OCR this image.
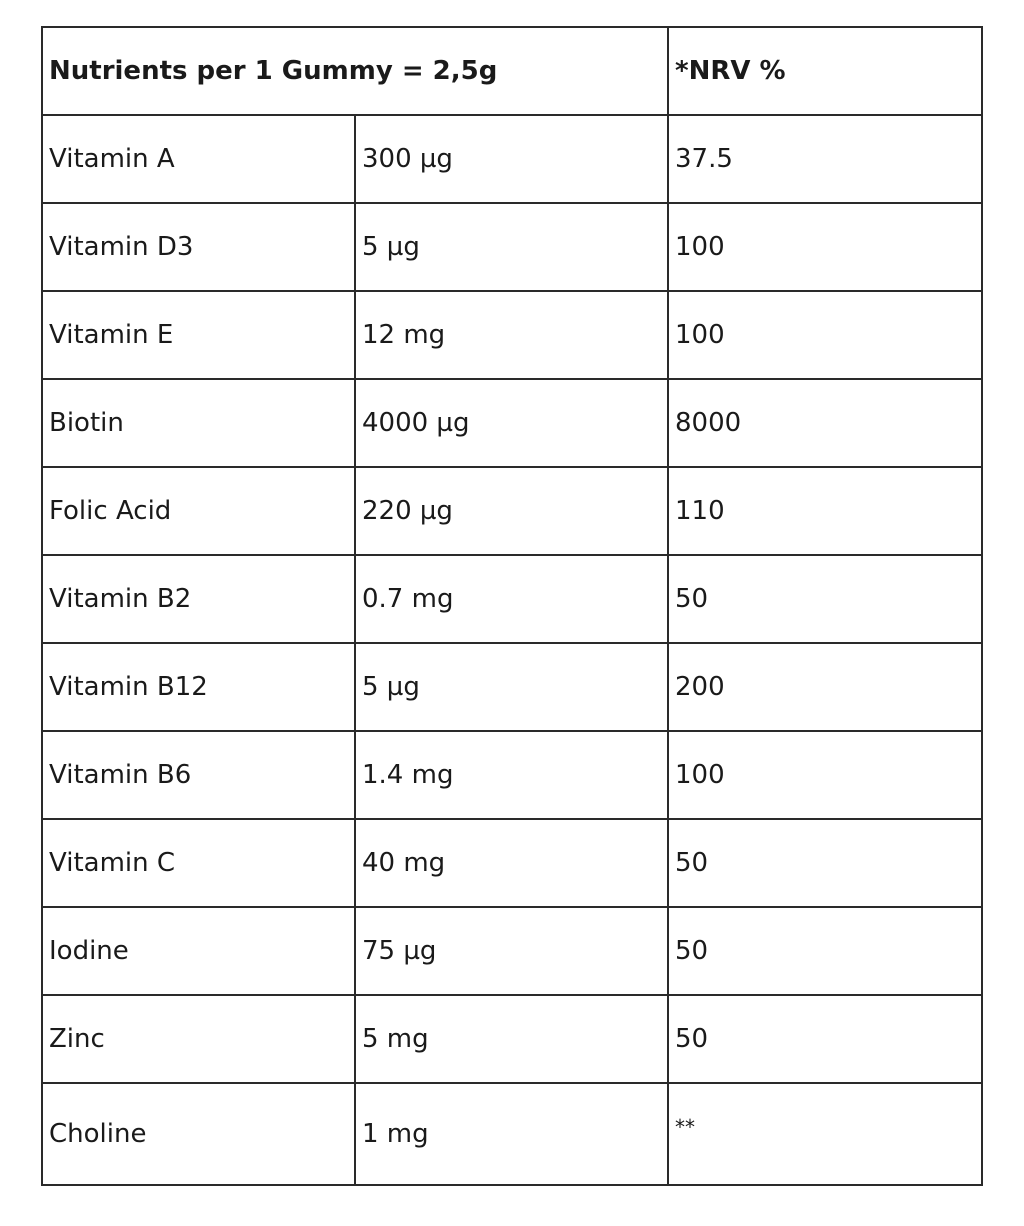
Nutrients per 1 Gummy = 2,5g		*NRV %
Vitamin A	300 µg	37.5
Vitamin D3	5 µg	100
Vitamin E	12 mg	100
Biotin	4000 µg	8000
Folic Acid	220 µg	110
Vitamin B2	0.7 mg	50
Vitamin B12	5 µg	200
Vitamin B6	1.4 mg	100
Vitamin C	40 mg	50
Iodine	75 µg	50
Zinc	5 mg	50
Choline	1 mg	**
